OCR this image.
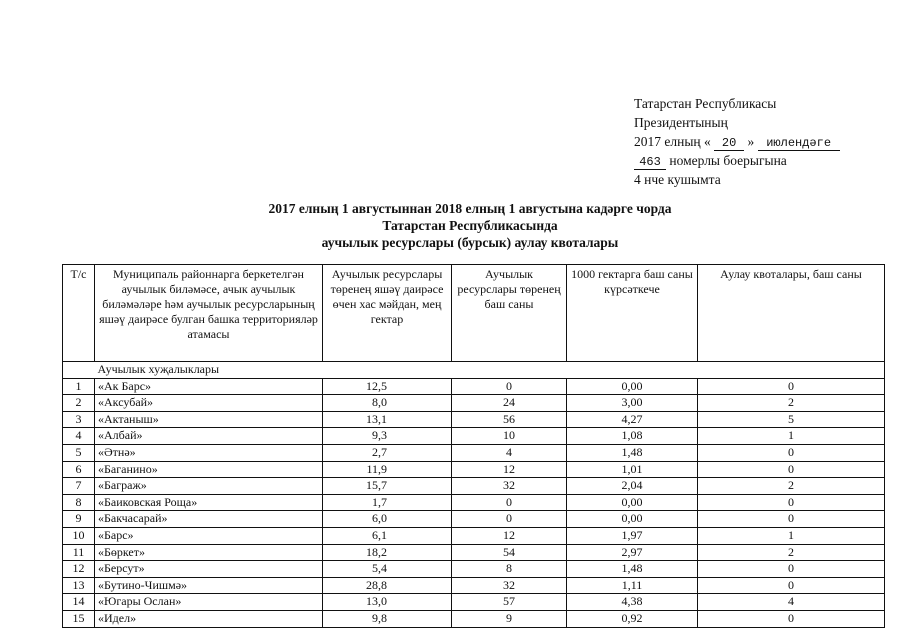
Татарстан Республикасы
Президентының
2017 елның « 20 » июлендәге
463 номерлы боерыгына
4 нче кушымта
2017 елның 1 августыннан 2018 елның 1 августына кадәрге чорда
Татарстан Республикасында
аучылык ресурслары (бурсык) аулау квоталары
Т/с	Муниципаль районнарга беркетелгән аучылык биләмәсе, ачык аучылык биләмәләре һәм аучылык ресурсларының яшәү даирәсе булган башка территорияләр атамасы	Аучылык ресурслары төренең яшәү даирәсе өчен хас мәйдан, мең гектар	Аучылык ресурслары төренең баш саны	1000 гектарга баш саны күрсәткече	Аулау квоталары, баш саны
	Аучылык хуҗалыклары				
1	«Ак Барс»	12,5	0	0,00	0
2	«Аксубай»	8,0	24	3,00	2
3	«Актаныш»	13,1	56	4,27	5
4	«Албай»	9,3	10	1,08	1
5	«Әтнә»	2,7	4	1,48	0
6	«Баганино»	11,9	12	1,01	0
7	«Баграж»	15,7	32	2,04	2
8	«Баиковская Роща»	1,7	0	0,00	0
9	«Бакчасарай»	6,0	0	0,00	0
10	«Барс»	6,1	12	1,97	1
11	«Бөркет»	18,2	54	2,97	2
12	«Берсут»	5,4	8	1,48	0
13	«Бутино-Чишмә»	28,8	32	1,11	0
14	«Югары Ослан»	13,0	57	4,38	4
15	«Идел»	9,8	9	0,92	0
